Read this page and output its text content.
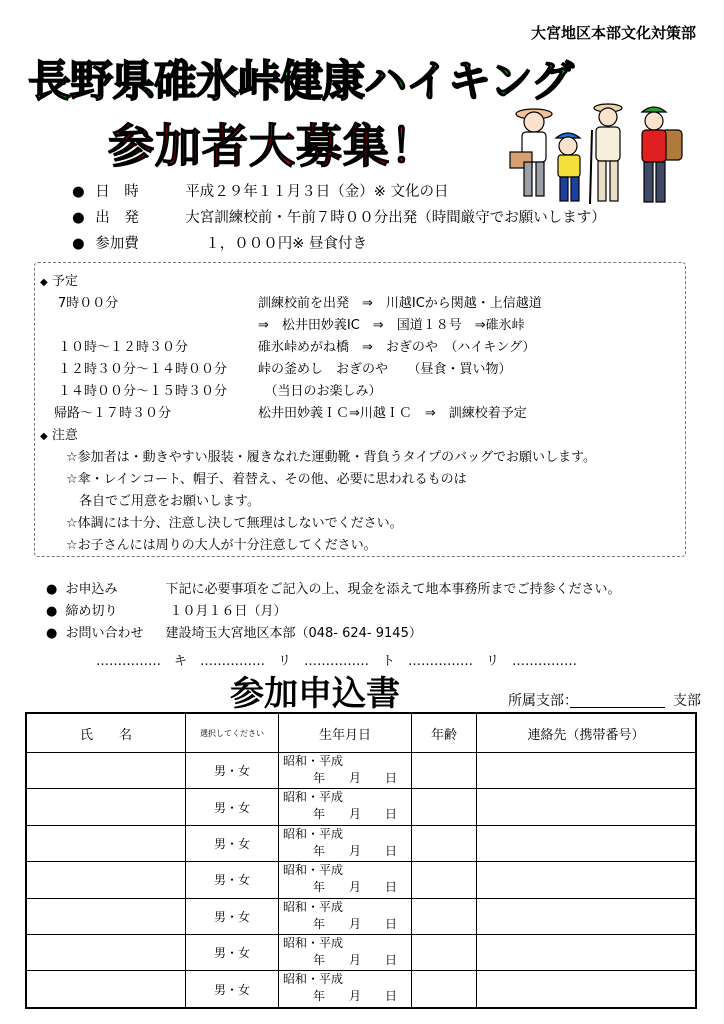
大宮地区本部文化対策部
長野県碓氷峠健康ハイキング
参加者大募集！
● 日　時	平成２９年１１月３日（金）※ 文化の日
● 出　発	大宮訓練校前・午前７時００分出発（時間厳守でお願いします）
● 参加費	１，０００円※ 昼食付き
◆ 予定
7時００分	訓練校前を出発　⇒　川越ICから関越・上信越道
⇒　松井田妙義IC　⇒　国道１８号　⇒碓氷峠
１０時～１２時３０分	碓氷峠めがね橋　⇒　おぎのや　（ハイキング）
１２時３０分～１４時００分 峠の釜めし　おぎのや　　（昼食・買い物）
１４時００分～１５時３０分 　（当日のお楽しみ）
帰路～１７時３０分	松井田妙義ＩＣ⇒川越ＩＣ　⇒　訓練校着予定
◆ 注意
☆参加者は・動きやすい服装・履きなれた運動靴・背負うタイプのバッグでお願いします。
☆傘・レインコート、帽子、着替え、その他、必要に思われるものは
　各自でご用意をお願いします。
☆体調には十分、注意し決して無理はしないでください。
☆お子さんには周りの大人が十分注意してください。
● お申込み	下記に必要事項をご記入の上、現金を添えて地本事務所までご持参ください。
● 締め切り	１０月１６日（月）
● お問い合わせ 建設埼玉大宮地区本部（048- 624- 9145）
……………　キ　……………　リ　……………　ト　……………　リ　……………
参加申込書	所属支部：	支部
氏　　名	選択してください	生年月日	年齢	連絡先（携帯番号）
	男・女	昭和・平成
年　　月　　日		

	男・女	昭和・平成
年　　月　　日		

	男・女	昭和・平成
年　　月　　日		

	男・女	昭和・平成
年　　月　　日		

	男・女	昭和・平成
年　　月　　日		

	男・女	昭和・平成
年　　月　　日		

	男・女	昭和・平成
年　　月　　日		
